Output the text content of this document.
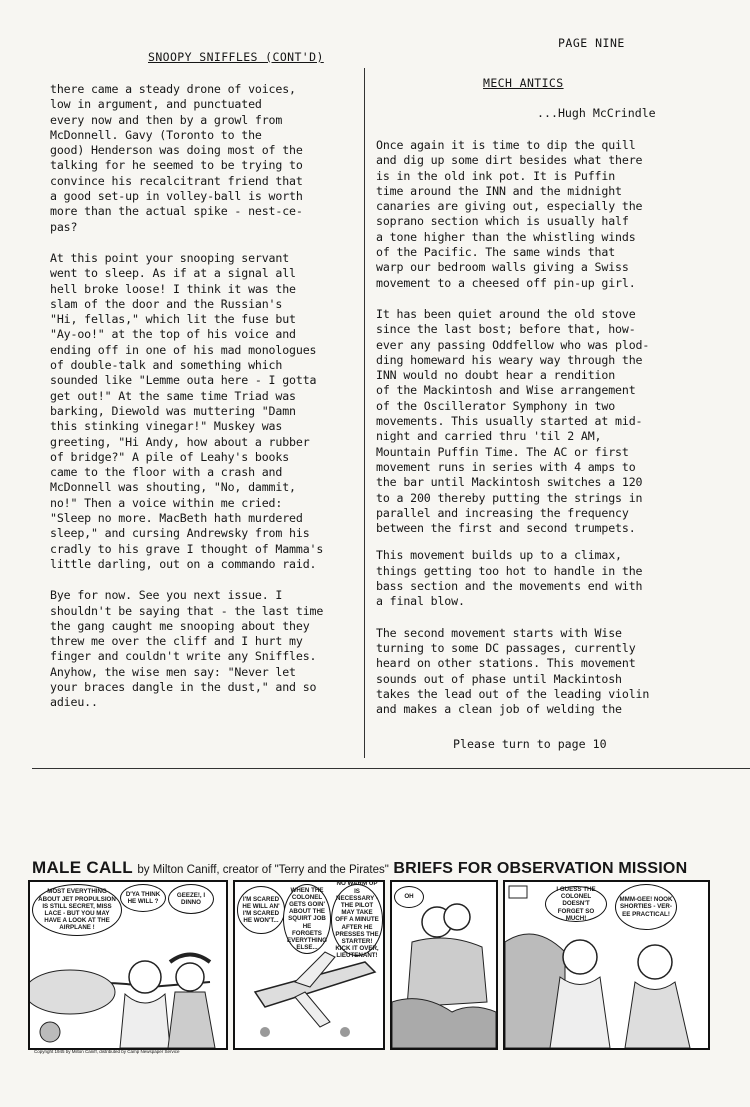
PAGE NINE
SNOOPY SNIFFLES (CONT'D)

there came a steady drone of voices,
low in argument, and punctuated
every now and then by a growl from
McDonnell. Gavy (Toronto to the
good) Henderson was doing most of the
talking for he seemed to be trying to
convince his recalcitrant friend that
a good set-up in volley-ball is worth
more than the actual spike - nest-ce-
pas?

At this point your snooping servant
went to sleep. As if at a signal all
hell broke loose! I think it was the
slam of the door and the Russian's
"Hi, fellas," which lit the fuse but
"Ay-oo!" at the top of his voice and
ending off in one of his mad monologues
of double-talk and something which
sounded like "Lemme outa here - I gotta
get out!" At the same time Triad was
barking, Diewold was muttering "Damn
this stinking vinegar!" Muskey was
greeting, "Hi Andy, how about a rubber
of bridge?" A pile of Leahy's books
came to the floor with a crash and
McDonnell was shouting, "No, dammit,
no!" Then a voice within me cried:
"Sleep no more. MacBeth hath murdered
sleep," and cursing Andrewsky from his
cradly to his grave I thought of Mamma's
little darling, out on a commando raid.

Bye for now. See you next issue. I
shouldn't be saying that - the last time
the gang caught me snooping about they
threw me over the cliff and I hurt my
finger and couldn't write any Sniffles.
Anyhow, the wise men say: "Never let
your braces dangle in the dust," and so
adieu..

MECH ANTICS
...Hugh McCrindle

Once again it is time to dip the quill
and dig up some dirt besides what there
is in the old ink pot. It is Puffin
time around the INN and the midnight
canaries are giving out, especially the
soprano section which is usually half
a tone higher than the whistling winds
of the Pacific. The same winds that
warp our bedroom walls giving a Swiss
movement to a cheesed off pin-up girl.

It has been quiet around the old stove
since the last bost; before that, how-
ever any passing Oddfellow who was plod-
ding homeward his weary way through the
INN would no doubt hear a rendition
of the Mackintosh and Wise arrangement
of the Oscillerator Symphony in two
movements. This usually started at mid-
night and carried thru 'til 2 AM,
Mountain Puffin Time. The AC or first
movement runs in series with 4 amps to
the bar until Mackintosh switches a 120
to a 200 thereby putting the strings in
parallel and increasing the frequency
between the first and second trumpets.

This movement builds up to a climax,
things getting too hot to handle in the
bass section and the movements end with
a final blow.

The second movement starts with Wise
turning to some DC passages, currently
heard on other stations. This movement
sounds out of phase until Mackintosh
takes the lead out of the leading violin
and makes a clean job of welding the

Please turn to page 10
MALE CALL by Milton Caniff, creator of "Terry and the Pirates" BRIEFS FOR OBSERVATION MISSION
MOST EVERYTHING ABOUT JET PROPULSION IS STILL SECRET, MISS LACE - BUT YOU MAY HAVE A LOOK AT THE AIRPLANE !
D'YA THINK HE WILL ?
GEEZE!, I DINNO	I'M SCARED HE WILL AN' I'M SCARED HE WON'T...
WHEN THE COLONEL GETS GOIN' ABOUT THE SQUIRT JOB HE FORGETS EVERYTHING ELSE...
NO WARM UP IS NECESSARY - THE PILOT MAY TAKE OFF A MINUTE AFTER HE PRESSES THE STARTER! KICK IT OVER, LIEUTENANT!
OH
I GUESS THE COLONEL DOESN'T FORGET SO MUCH!
MMM-GEE! NOOK SHORTIES - VER-EE PRACTICAL!
Copyright 1945 by Milton Caniff, distributed by Camp Newspaper Service
